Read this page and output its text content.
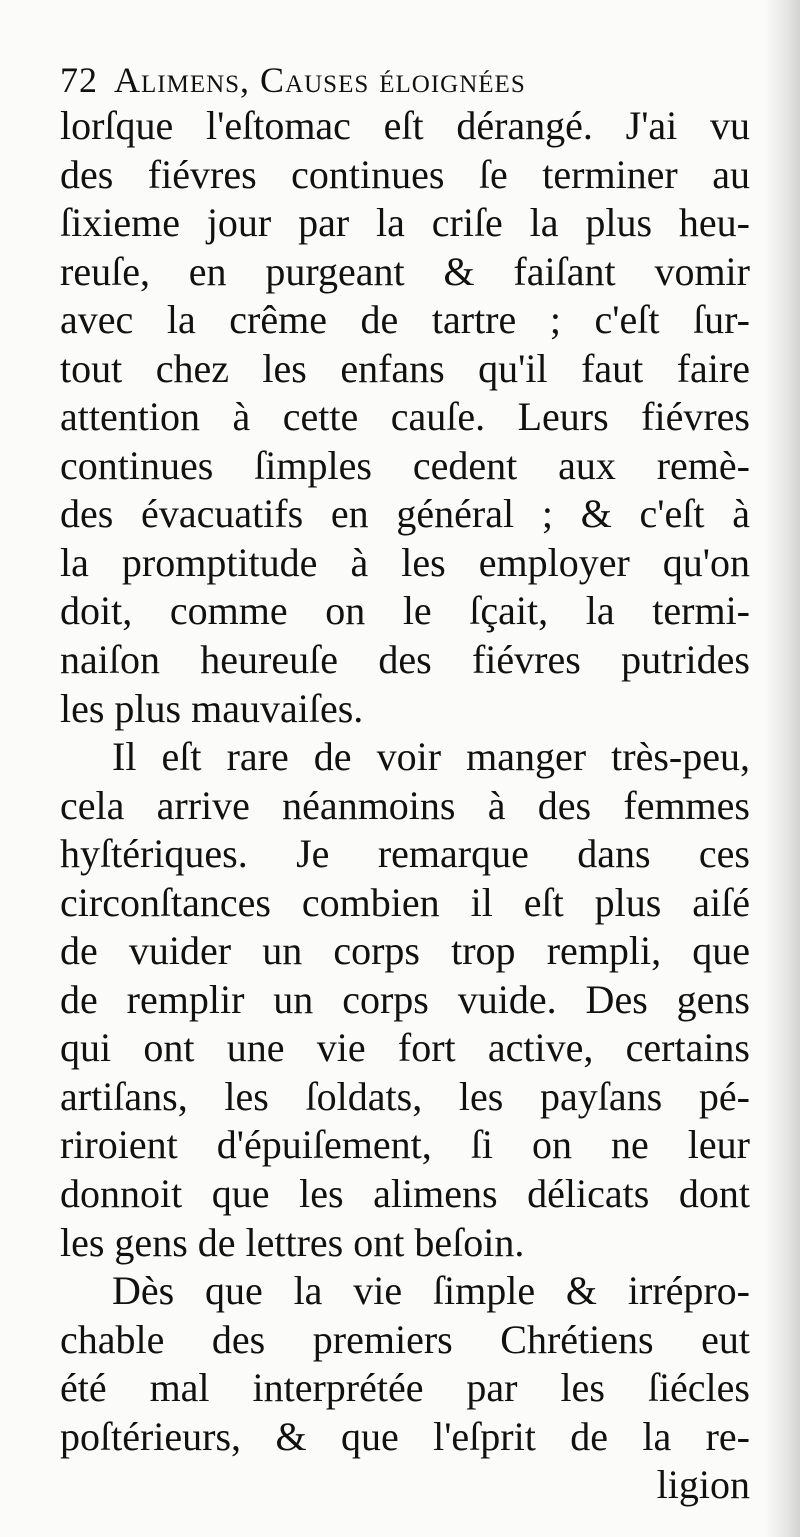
72 Alimens, Causes éloignées
lorſque l'eſtomac eſt dérangé. J'ai vu
des fiévres continues ſe terminer au
ſixieme jour par la criſe la plus heu-
reuſe, en purgeant & faiſant vomir
avec la crême de tartre ; c'eſt ſur-
tout chez les enfans qu'il faut faire
attention à cette cauſe. Leurs fiévres
continues ſimples cedent aux remè-
des évacuatifs en général ; & c'eſt à
la promptitude à les employer qu'on
doit, comme on le ſçait, la termi-
naiſon heureuſe des fiévres putrides
les plus mauvaiſes.
Il eſt rare de voir manger très-peu,
cela arrive néanmoins à des femmes
hyſtériques. Je remarque dans ces
circonſtances combien il eſt plus aiſé
de vuider un corps trop rempli, que
de remplir un corps vuide. Des gens
qui ont une vie fort active, certains
artiſans, les ſoldats, les payſans pé-
riroient d'épuiſement, ſi on ne leur
donnoit que les alimens délicats dont
les gens de lettres ont beſoin.
Dès que la vie ſimple & irrépro-
chable des premiers Chrétiens eut
été mal interprétée par les ſiécles
poſtérieurs, & que l'eſprit de la re-
ligion
